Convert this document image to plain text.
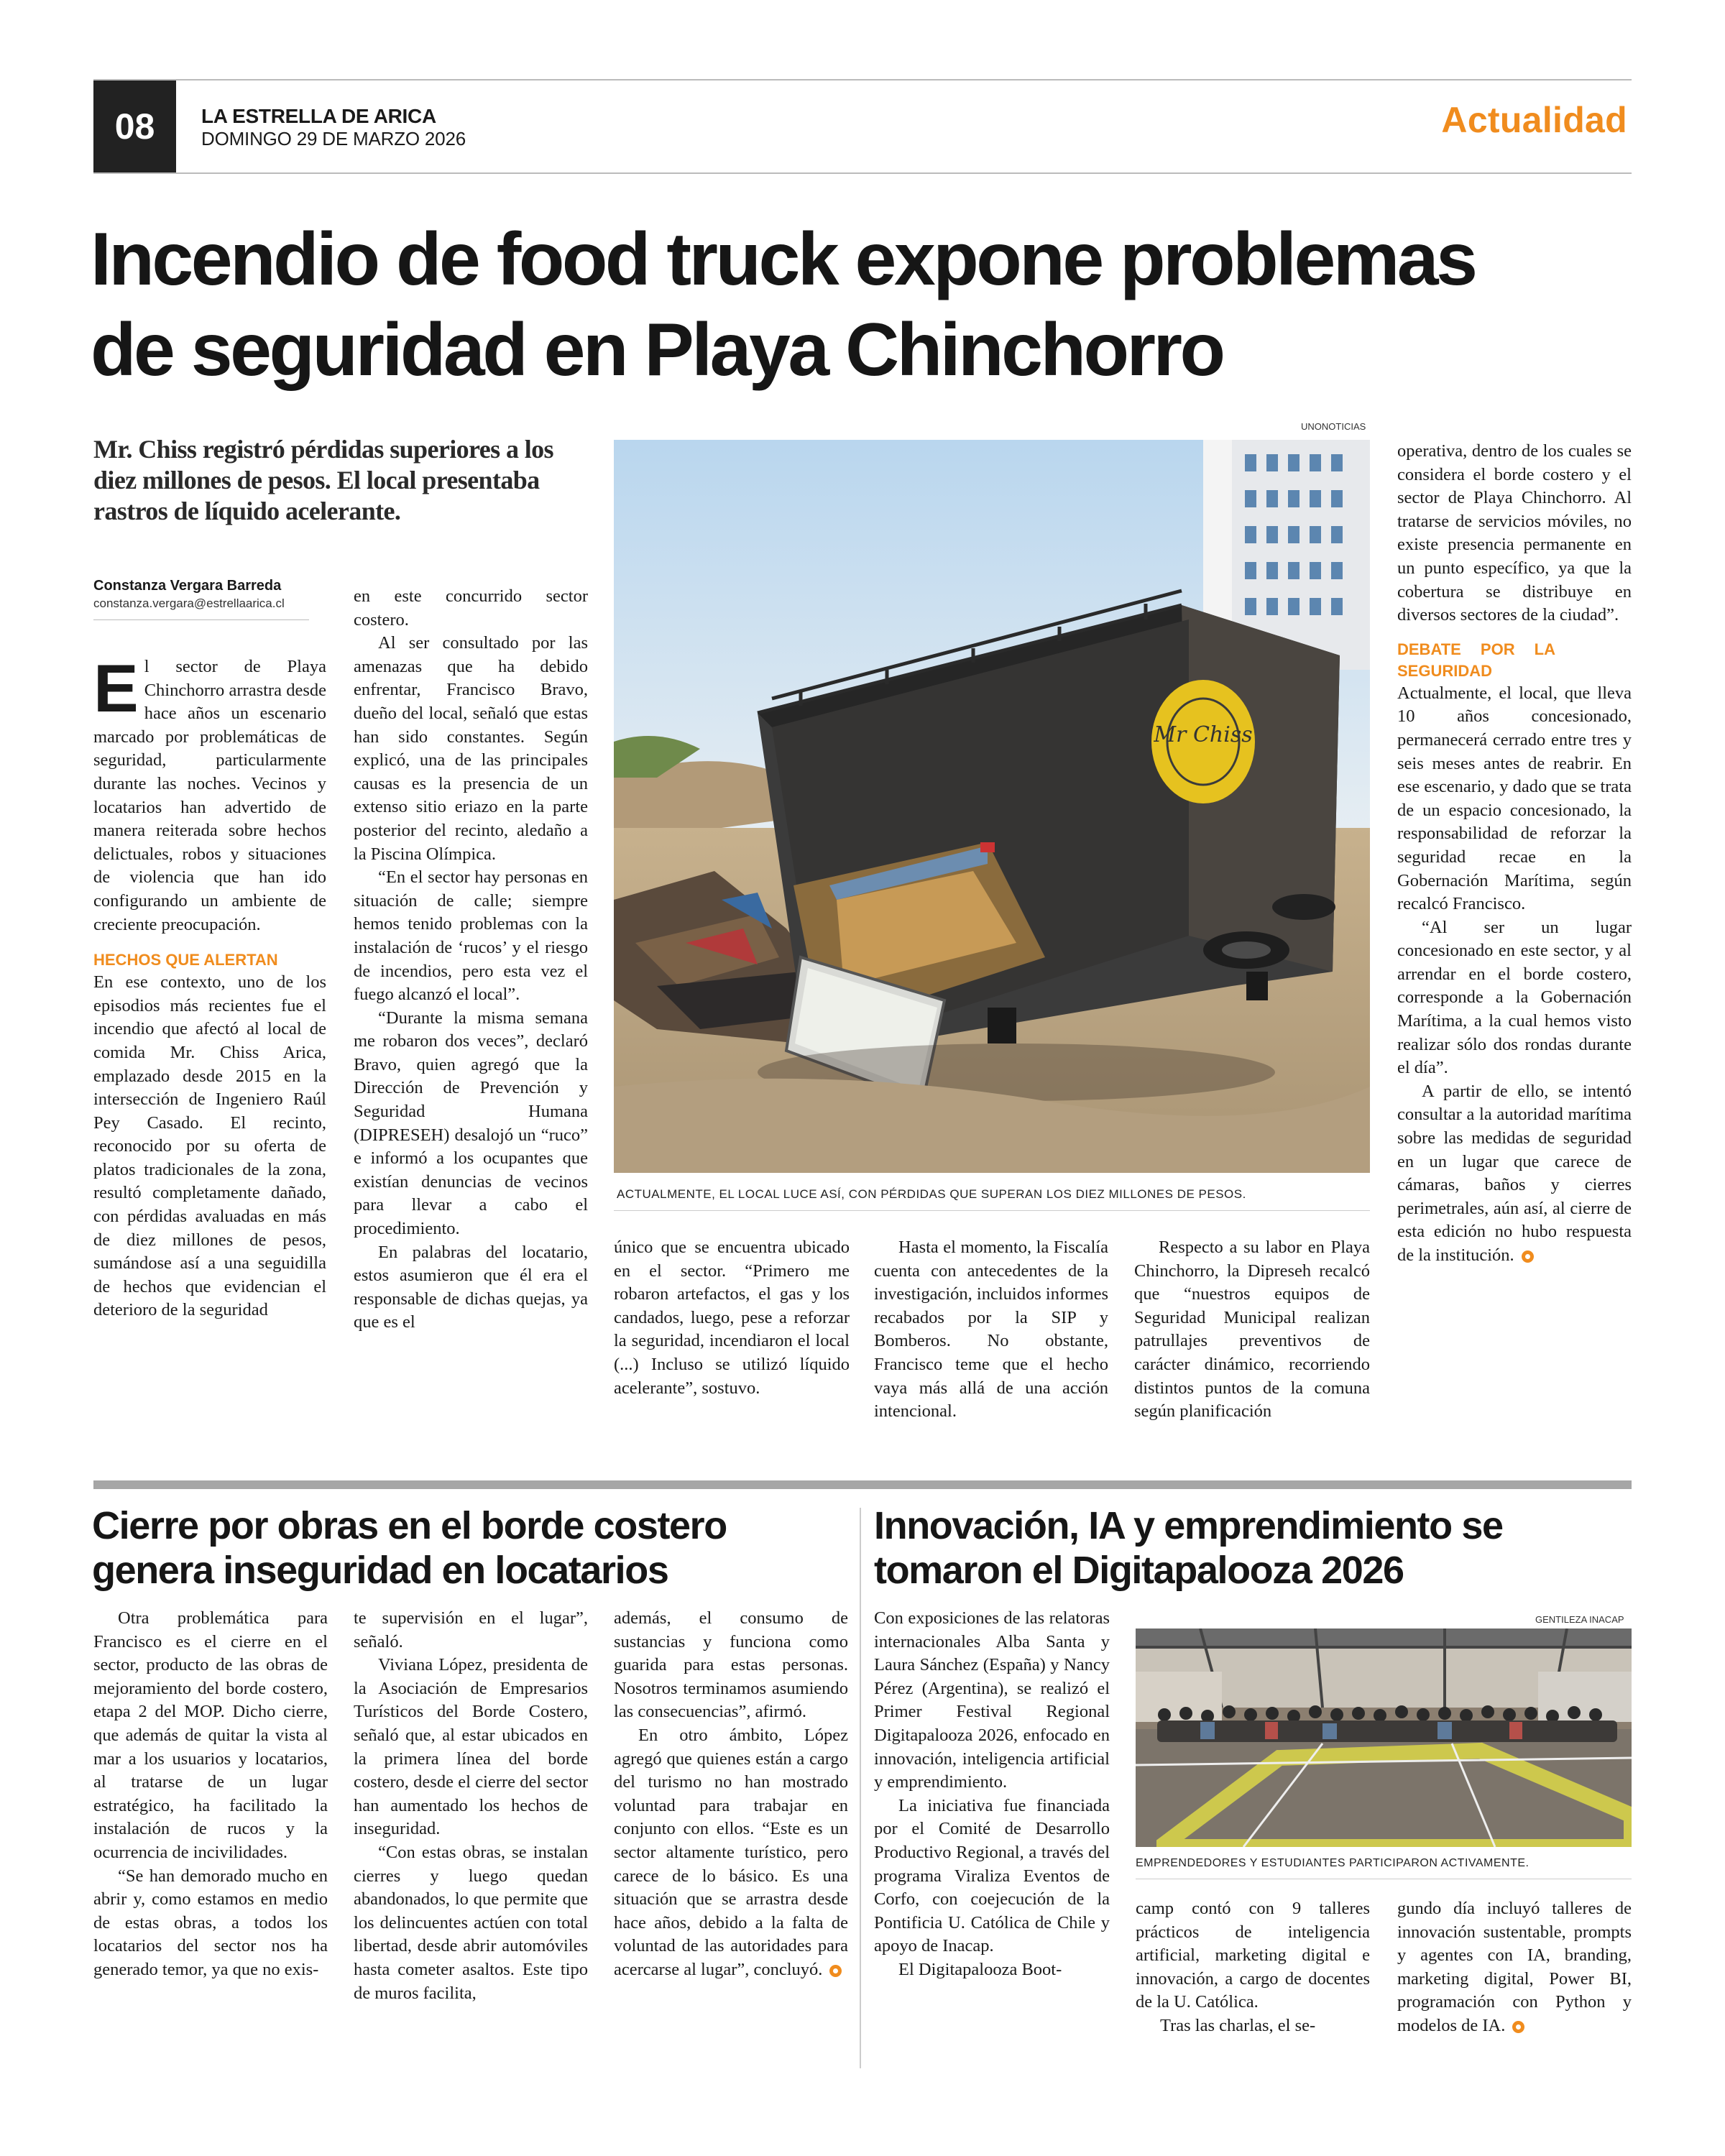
08	LA ESTRELLA DE ARICA
DOMINGO 29 DE MARZO 2026	Actualidad
Incendio de food truck expone problemas
de seguridad en Playa Chinchorro
Mr. Chiss registró pérdidas superiores a los diez millones de pesos. El local presentaba rastros de líquido acelerante.
Constanza Vergara Barreda
constanza.vergara@estrellaarica.cl

El sector de Playa Chinchorro arrastra desde hace años un escenario marcado por problemáticas de seguridad, particularmente durante las noches. Vecinos y locatarios han advertido de manera reiterada sobre hechos delictuales, robos y situaciones de violencia que han ido configurando un ambiente de creciente preocupación.

HECHOS QUE ALERTAN

En ese contexto, uno de los episodios más recientes fue el incendio que afectó al local de comida Mr. Chiss Arica, emplazado desde 2015 en la intersección de Ingeniero Raúl Pey Casado. El recinto, reconocido por su oferta de platos tradicionales de la zona, resultó completamente dañado, con pérdidas avaluadas en más de diez millones de pesos, sumándose así a una seguidilla de hechos que evidencian el deterioro de la seguridad

en este concurrido sector costero.

Al ser consultado por las amenazas que ha debido enfrentar, Francisco Bravo, dueño del local, señaló que estas han sido constantes. Según explicó, una de las principales causas es la presencia de un extenso sitio eriazo en la parte posterior del recinto, aledaño a la Piscina Olímpica.

“En el sector hay personas en situación de calle; siempre hemos tenido problemas con la instalación de ‘rucos’ y el riesgo de incendios, pero esta vez el fuego alcanzó el local”.

“Durante la misma semana me robaron dos veces”, declaró Bravo, quien agregó que la Dirección de Prevención y Seguridad Humana (DIPRESEH) desalojó un “ruco” e informó a los ocupantes que existían denuncias de vecinos para llevar a cabo el procedimiento.

En palabras del locatario, estos asumieron que él era el responsable de dichas quejas, ya que es el

UNONOTICIAS
Mr Chiss
ACTUALMENTE, EL LOCAL LUCE ASÍ, CON PÉRDIDAS QUE SUPERAN LOS DIEZ MILLONES DE PESOS.

único que se encuentra ubicado en el sector. “Primero me robaron artefactos, el gas y los candados, luego, pese a reforzar la seguridad, incendiaron el local (...) Incluso se utilizó líquido acelerante”, sostuvo.

Hasta el momento, la Fiscalía cuenta con antecedentes de la investigación, incluidos informes recabados por la SIP y Bomberos. No obstante, Francisco teme que el hecho vaya más allá de una acción intencional.

Respecto a su labor en Playa Chinchorro, la Dipreseh recalcó que “nuestros equipos de Seguridad Municipal realizan patrullajes preventivos de carácter dinámico, recorriendo distintos puntos de la comuna según planificación

operativa, dentro de los cuales se considera el borde costero y el sector de Playa Chinchorro. Al tratarse de servicios móviles, no existe presencia permanente en un punto específico, ya que la cobertura se distribuye en diversos sectores de la ciudad”.

DEBATE POR LA SEGURIDAD

Actualmente, el local, que lleva 10 años concesionado, permanecerá cerrado entre tres y seis meses antes de reabrir. En ese escenario, y dado que se trata de un espacio concesionado, la responsabilidad de reforzar la seguridad recae en la Gobernación Marítima, según recalcó Francisco.

“Al ser un lugar concesionado en este sector, y al arrendar en el borde costero, corresponde a la Gobernación Marítima, a la cual hemos visto realizar sólo dos rondas durante el día”.

A partir de ello, se intentó consultar a la autoridad marítima sobre las medidas de seguridad en un lugar que carece de cámaras, baños y cierres perimetrales, aún así, al cierre de esta edición no hubo respuesta de la institución.

Cierre por obras en el borde costero
genera inseguridad en locatarios

Otra problemática para Francisco es el cierre en el sector, producto de las obras de mejoramiento del borde costero, etapa 2 del MOP. Dicho cierre, que además de quitar la vista al mar a los usuarios y locatarios, al tratarse de un lugar estratégico, ha facilitado la instalación de rucos y la ocurrencia de incivilidades.

“Se han demorado mucho en abrir y, como estamos en medio de estas obras, a todos los locatarios del sector nos ha generado temor, ya que no exis-

te supervisión en el lugar”, señaló.

Viviana López, presidenta de la Asociación de Empresarios Turísticos del Borde Costero, señaló que, al estar ubicados en la primera línea del borde costero, desde el cierre del sector han aumentado los hechos de inseguridad.

“Con estas obras, se instalan cierres y luego quedan abandonados, lo que permite que los delincuentes actúen con total libertad, desde abrir automóviles hasta cometer asaltos. Este tipo de muros facilita,

además, el consumo de sustancias y funciona como guarida para estas personas. Nosotros terminamos asumiendo las consecuencias”, afirmó.

En otro ámbito, López agregó que quienes están a cargo del turismo no han mostrado voluntad para trabajar en conjunto con ellos. “Este es un sector altamente turístico, pero carece de lo básico. Es una situación que se arrastra desde hace años, debido a la falta de voluntad de las autoridades para acercarse al lugar”, concluyó.

Innovación, IA y emprendimiento se
tomaron el Digitapalooza 2026

Con exposiciones de las relatoras internacionales Alba Santa y Laura Sánchez (España) y Nancy Pérez (Argentina), se realizó el Primer Festival Regional Digitapalooza 2026, enfocado en innovación, inteligencia artificial y emprendimiento.

La iniciativa fue financiada por el Comité de Desarrollo Productivo Regional, a través del programa Viraliza Eventos de Corfo, con coejecución de la Pontificia U. Católica de Chile y apoyo de Inacap.

El Digitapalooza Boot-

GENTILEZA INACAP
EMPRENDEDORES Y ESTUDIANTES PARTICIPARON ACTIVAMENTE.

camp contó con 9 talleres prácticos de inteligencia artificial, marketing digital e innovación, a cargo de docentes de la U. Católica.

Tras las charlas, el se-

gundo día incluyó talleres de innovación sustentable, prompts y agentes con IA, branding, marketing digital, Power BI, programación con Python y modelos de IA.
